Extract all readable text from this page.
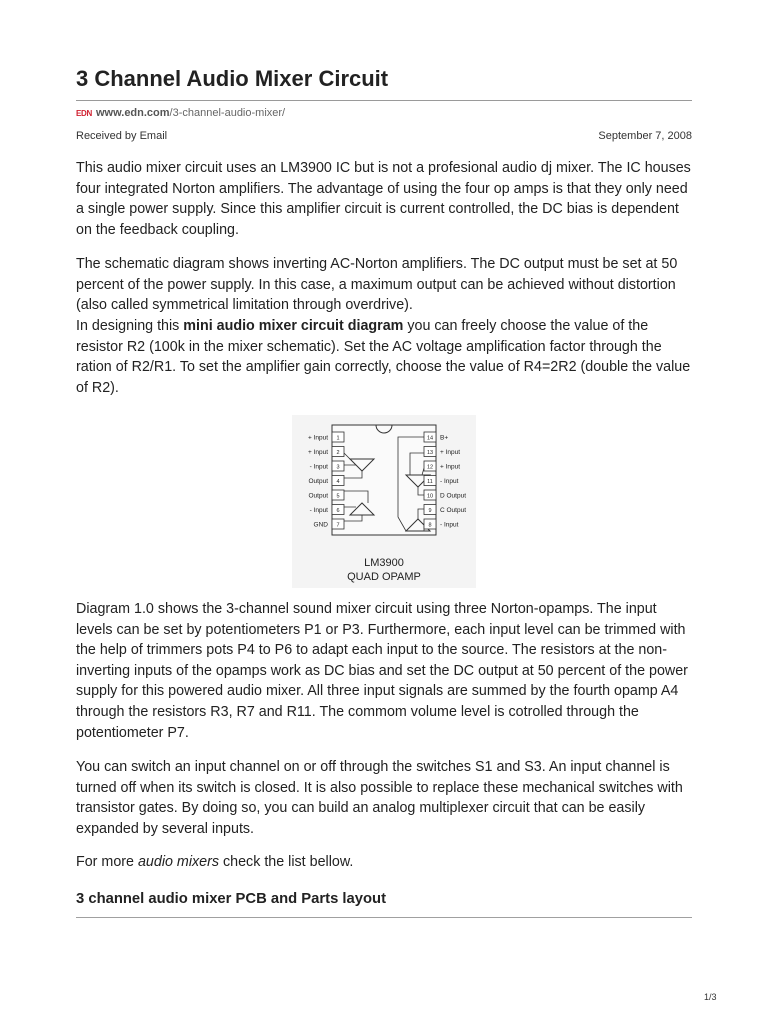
3 Channel Audio Mixer Circuit
EDN www.edn.com/3-channel-audio-mixer/
Received by Email	September 7, 2008

This audio mixer circuit uses an LM3900 IC but is not a profesional audio dj mixer. The IC houses four integrated Norton amplifiers. The advantage of using the four op amps is that they only need a single power supply. Since this amplifier circuit is current controlled, the DC bias is dependent on the feedback coupling.

The schematic diagram shows inverting AC-Norton amplifiers. The DC output must be set at 50 percent of the power supply. In this case, a maximum output can be achieved without distortion (also called symmetrical limitation through overdrive).

In designing this mini audio mixer circuit diagram you can freely choose the value of the resistor R2 (100k in the mixer schematic). Set the AC voltage amplification factor through the ration of R2/R1. To set the amplifier gain correctly, choose the value of R4=2R2 (double the value of R2).

LM3900
QUAD OPAMP
1
+ Input	14 B+
2
+ Input	13 + Input
3
- Input	12 + Input
4
Output	11 - Input
5
Output	10 D Output
6
- Input	9 C Output
7
GND	8 - Input

Diagram 1.0 shows the 3-channel sound mixer circuit using three Norton-opamps. The input levels can be set by potentiometers P1 or P3. Furthermore, each input level can be trimmed with the help of trimmers pots P4 to P6 to adapt each input to the source. The resistors at the non-inverting inputs of the opamps work as DC bias and set the DC output at 50 percent of the power supply for this powered audio mixer. All three input signals are summed by the fourth opamp A4 through the resistors R3, R7 and R11. The commom volume level is cotrolled through the potentiometer P7.

You can switch an input channel on or off through the switches S1 and S3. An input channel is turned off when its switch is closed. It is also possible to replace these mechanical switches with transistor gates. By doing so, you can build an analog multiplexer circuit that can be easily expanded by several inputs.

For more audio mixers check the list bellow.

3 channel audio mixer PCB and Parts layout
1/3
